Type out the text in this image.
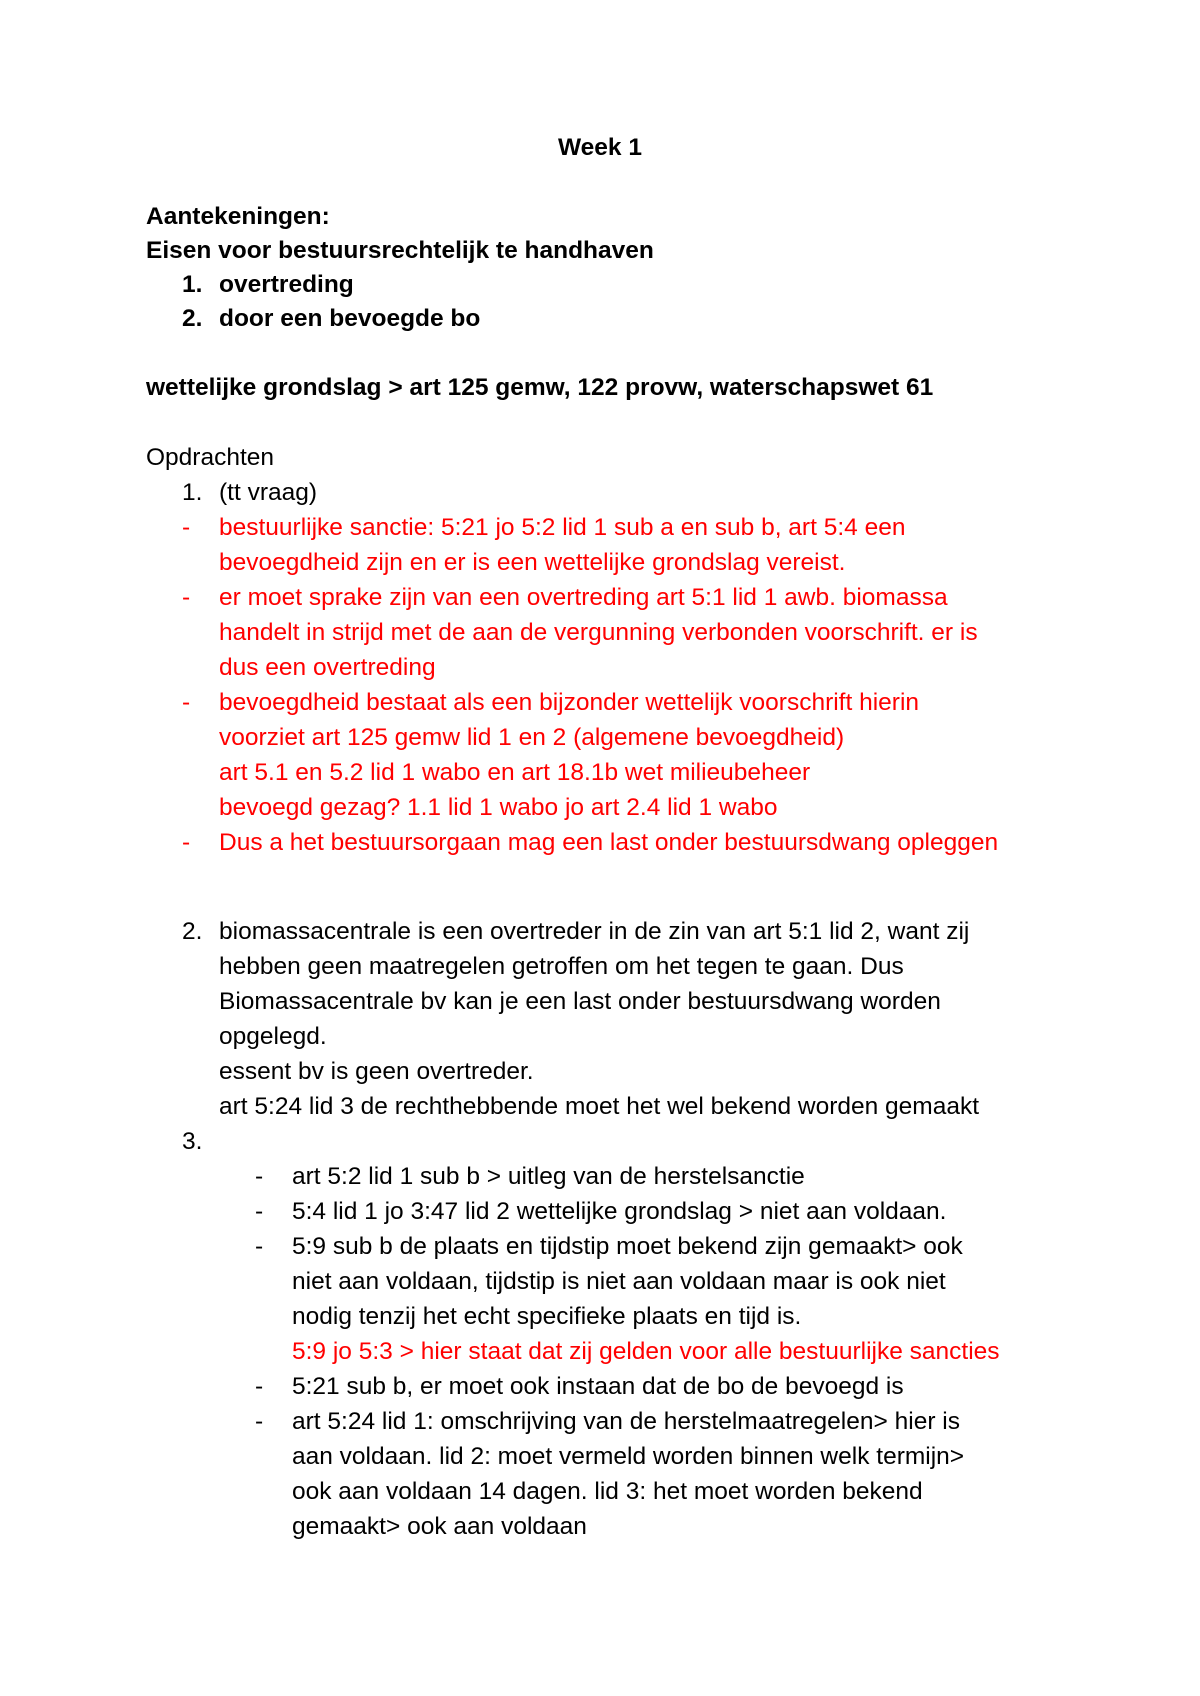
Week 1
Aantekeningen:
Eisen voor bestuursrechtelijk te handhaven
1. overtreding
2. door een bevoegde bo
wettelijke grondslag > art 125 gemw, 122 provw, waterschapswet 61
Opdrachten
1. (tt vraag)
- bestuurlijke sanctie: 5:21 jo 5:2 lid 1 sub a en sub b, art 5:4 een
bevoegdheid zijn en er is een wettelijke grondslag vereist.
- er moet sprake zijn van een overtreding art 5:1 lid 1 awb. biomassa
handelt in strijd met de aan de vergunning verbonden voorschrift. er is
dus een overtreding
- bevoegdheid bestaat als een bijzonder wettelijk voorschrift hierin
voorziet art 125 gemw lid 1 en 2 (algemene bevoegdheid)
art 5.1 en 5.2 lid 1 wabo en art 18.1b wet milieubeheer
bevoegd gezag? 1.1 lid 1 wabo jo art 2.4 lid 1 wabo
- Dus a het bestuursorgaan mag een last onder bestuursdwang opleggen
2. biomassacentrale is een overtreder in de zin van art 5:1 lid 2, want zij
hebben geen maatregelen getroffen om het tegen te gaan. Dus
Biomassacentrale bv kan je een last onder bestuursdwang worden
opgelegd.
essent bv is geen overtreder.
art 5:24 lid 3 de rechthebbende moet het wel bekend worden gemaakt
3.
- art 5:2 lid 1 sub b > uitleg van de herstelsanctie
- 5:4 lid 1 jo 3:47 lid 2 wettelijke grondslag > niet aan voldaan.
- 5:9 sub b de plaats en tijdstip moet bekend zijn gemaakt> ook
niet aan voldaan, tijdstip is niet aan voldaan maar is ook niet
nodig tenzij het echt specifieke plaats en tijd is.
5:9 jo 5:3 > hier staat dat zij gelden voor alle bestuurlijke sancties
- 5:21 sub b, er moet ook instaan dat de bo de bevoegd is
- art 5:24 lid 1: omschrijving van de herstelmaatregelen> hier is
aan voldaan. lid 2: moet vermeld worden binnen welk termijn>
ook aan voldaan 14 dagen. lid 3: het moet worden bekend
gemaakt> ook aan voldaan
